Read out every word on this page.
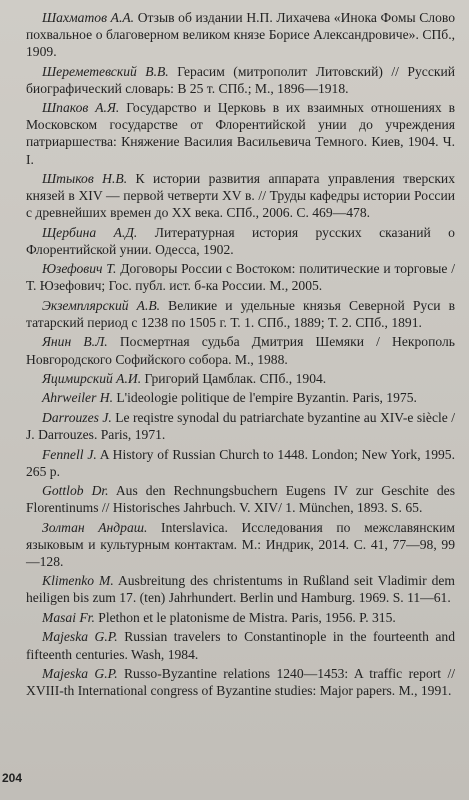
Шахматов А.А. Отзыв об издании Н.П. Лихачева «Инока Фомы Слово похвальное о благоверном великом князе Борисе Александровиче». СПб., 1909.

Шереметевский В.В. Герасим (митрополит Литовский) // Русский биографический словарь: В 25 т. СПб.; М., 1896—1918.

Шпаков А.Я. Государство и Церковь в их взаимных отношениях в Московском государстве от Флорентийской унии до учреждения патриаршества: Княжение Василия Васильевича Темного. Киев, 1904. Ч. I.

Штыков Н.В. К истории развития аппарата управления тверских князей в XIV — первой четверти XV в. // Труды кафедры истории России с древнейших времен до XX века. СПб., 2006. С. 469—478.

Щербина А.Д. Литературная история русских сказаний о Флорентийской унии. Одесса, 1902.

Юзефович Т. Договоры России с Востоком: политические и торговые / Т. Юзефович; Гос. публ. ист. б-ка России. М., 2005.

Экземплярский А.В. Великие и удельные князья Северной Руси в татарский период с 1238 по 1505 г. Т. 1. СПб., 1889; Т. 2. СПб., 1891.

Янин В.Л. Посмертная судьба Дмитрия Шемяки / Некрополь Новгородского Софийского собора. М., 1988.

Яцимирский А.И. Григорий Цамблак. СПб., 1904.

Ahrweiler H. L'ideologie politique de l'empire Byzantin. Paris, 1975.

Darrouzes J. Le reqistre synodal du patriarchate byzantine au XIV-e siècle / J. Darrouzes. Paris, 1971.

Fennell J. A History of Russian Church to 1448. London; New York, 1995. 265 p.

Gottlob Dr. Aus den Rechnungsbuchern Eugens IV zur Geschite des Florentinums // Historisches Jahrbuch. V. XIV/ 1. München, 1893. S. 65.

Золтан Андраш. Interslavica. Исследования по межславянским языковым и культурным контактам. М.: Индрик, 2014. С. 41, 77—98, 99—128.

Klimenko M. Ausbreitung des christentums in Rußland seit Vladimir dem heiligen bis zum 17. (ten) Jahrhundert. Berlin und Hamburg. 1969. S. 11—61.

Masai Fr. Plethon et le platonisme de Mistra. Paris, 1956. P. 315.

Majeska G.P. Russian travelers to Constantinople in the fourteenth and fifteenth centuries. Wash, 1984.

Majeska G.P. Russo-Byzantine relations 1240—1453: A traffic report // XVIII-th International congress of Byzantine studies: Major papers. M., 1991.

204
